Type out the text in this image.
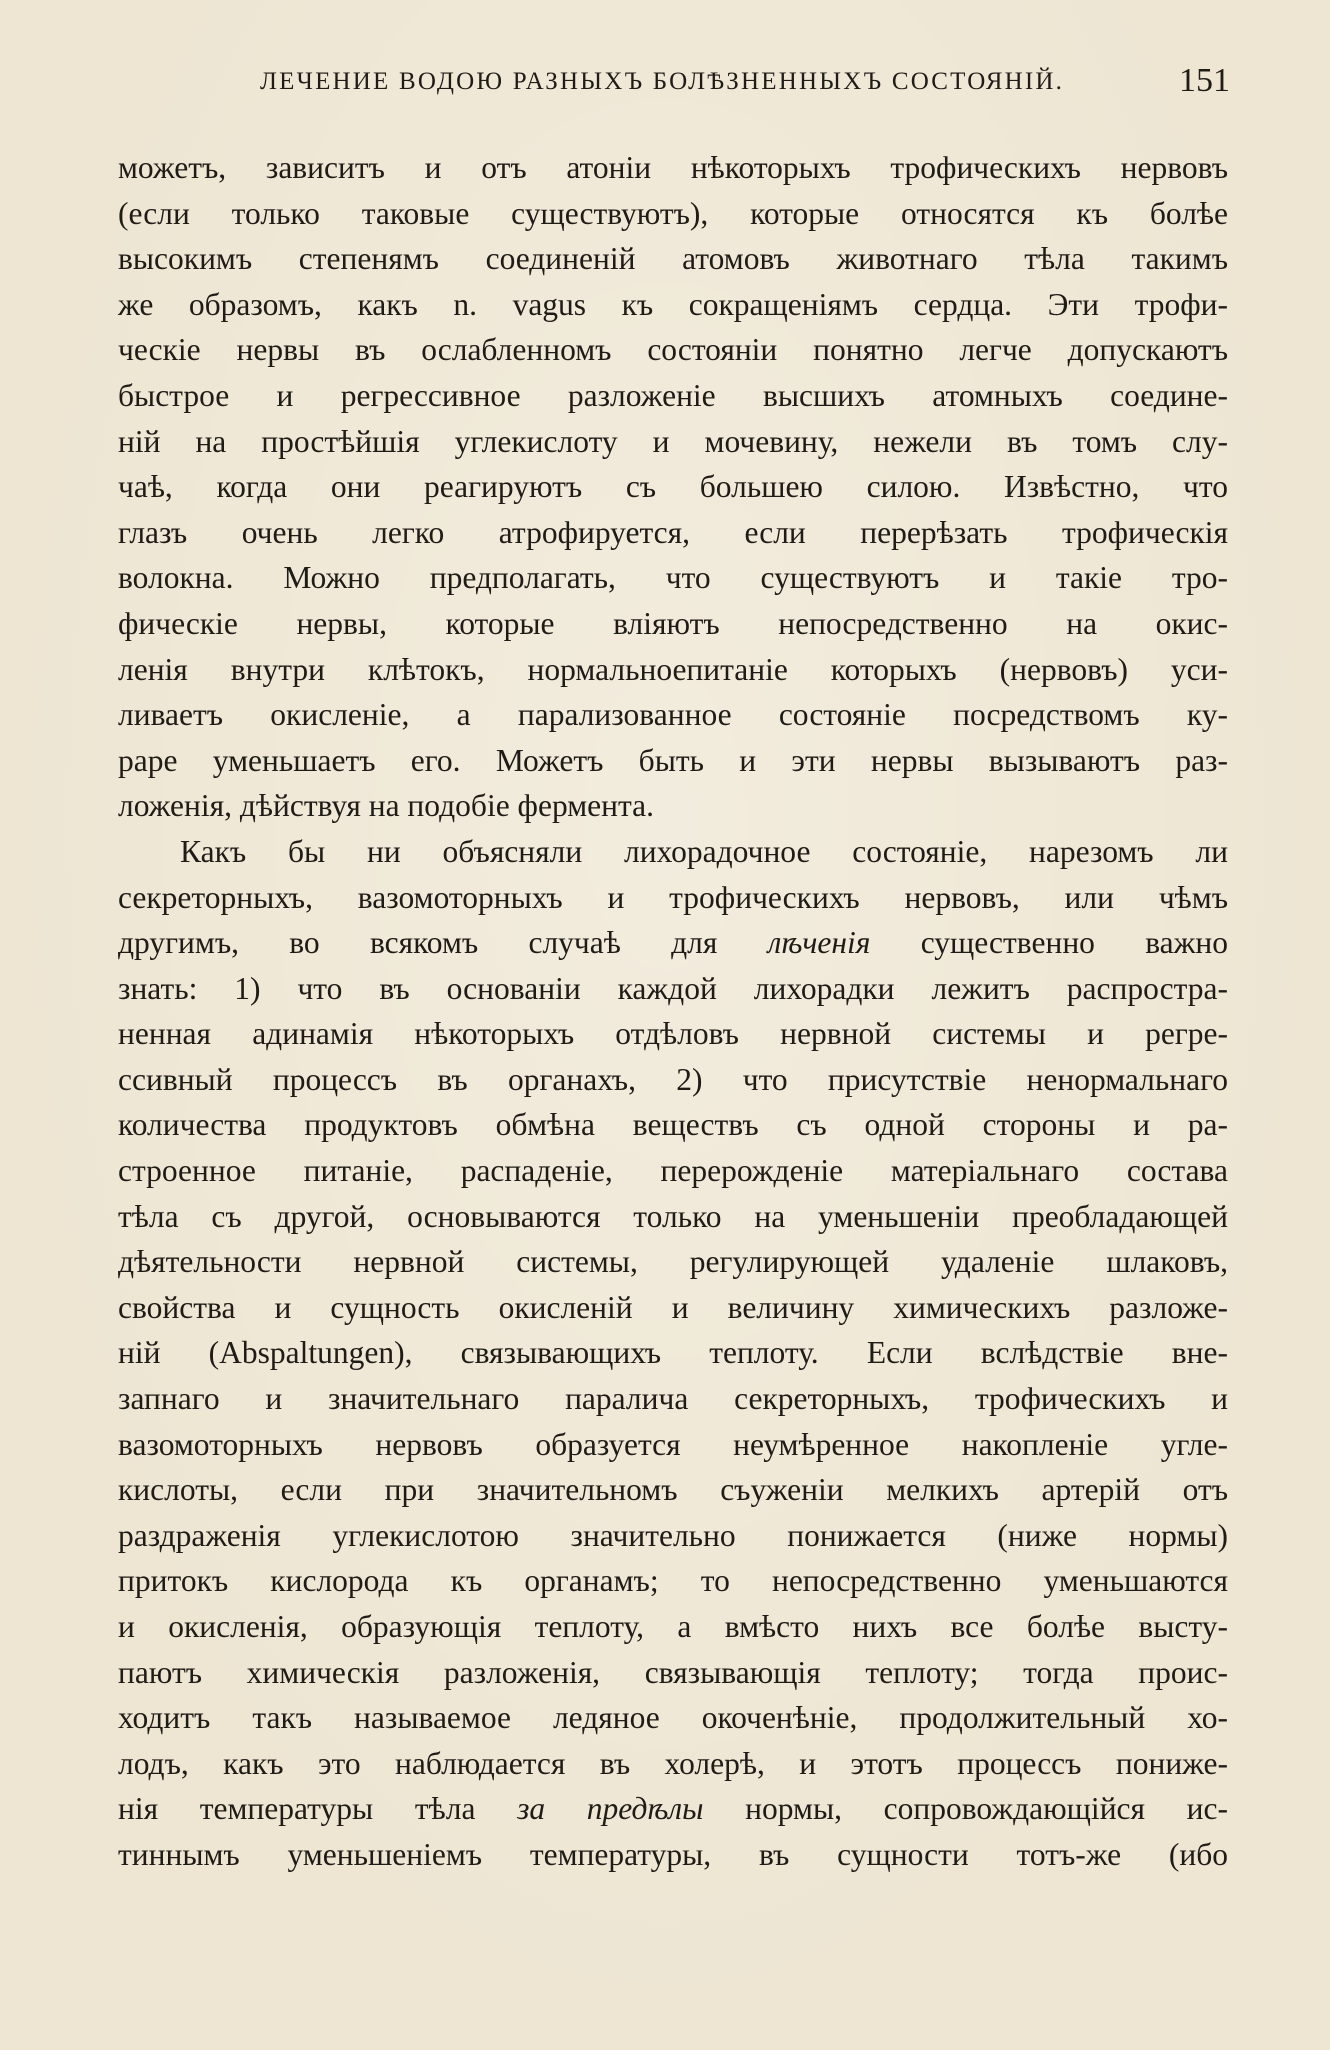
ЛЕЧЕНИЕ ВОДОЮ РАЗНЫХЪ БОЛѢЗНЕННЫХЪ СОСТОЯНІЙ.	151
можетъ, зависитъ и отъ атоніи нѣкоторыхъ трофическихъ нервовъ
(если только таковые существуютъ), которые относятся къ болѣе
высокимъ степенямъ соединеній атомовъ животнаго тѣла такимъ
же образомъ, какъ n. vagus къ сокращеніямъ сердца. Эти трофи-
ческіе нервы въ ослабленномъ состояніи понятно легче допускаютъ
быстрое и регрессивное разложеніе высшихъ атомныхъ соедине-
ній на простѣйшія углекислоту и мочевину, нежели въ томъ слу-
чаѣ, когда они реагируютъ съ большею силою. Извѣстно, что
глазъ очень легко атрофируется, если перерѣзать трофическія
волокна. Можно предполагать, что существуютъ и такіе тро-
фическіе нервы, которые вліяютъ непосредственно на окис-
ленія внутри клѣтокъ, нормальноепитаніе которыхъ (нервовъ) уси-
ливаетъ окисленіе, а парализованное состояніе посредствомъ ку-
раре уменьшаетъ его. Можетъ быть и эти нервы вызываютъ раз-
ложенія, дѣйствуя на подобіе фермента.
Какъ бы ни объясняли лихорадочное состояніе, нарезомъ ли
секреторныхъ, вазомоторныхъ и трофическихъ нервовъ, или чѣмъ
другимъ, во всякомъ случаѣ для лѣченія существенно важно
знать: 1) что въ основаніи каждой лихорадки лежитъ распростра-
ненная адинамія нѣкоторыхъ отдѣловъ нервной системы и регре-
ссивный процессъ въ органахъ, 2) что присутствіе ненормальнаго
количества продуктовъ обмѣна веществъ съ одной стороны и ра-
строенное питаніе, распаденіе, перерожденіе матеріальнаго состава
тѣла съ другой, основываются только на уменьшеніи преобладающей
дѣятельности нервной системы, регулирующей удаленіе шлаковъ,
свойства и сущность окисленій и величину химическихъ разложе-
ній (Abspaltungen), связывающихъ теплоту. Если вслѣдствіе вне-
запнаго и значительнаго паралича секреторныхъ, трофическихъ и
вазомоторныхъ нервовъ образуется неумѣренное накопленіе угле-
кислоты, если при значительномъ съуженіи мелкихъ артерій отъ
раздраженія углекислотою значительно понижается (ниже нормы)
притокъ кислорода къ органамъ; то непосредственно уменьшаются
и окисленія, образующія теплоту, а вмѣсто нихъ все болѣе высту-
паютъ химическія разложенія, связывающія теплоту; тогда проис-
ходитъ такъ называемое ледяное окоченѣніе, продолжительный хо-
лодъ, какъ это наблюдается въ холерѣ, и этотъ процессъ пониже-
нія температуры тѣла за предѣлы нормы, сопровождающійся ис-
тиннымъ уменьшеніемъ температуры, въ сущности тотъ-же (ибо
